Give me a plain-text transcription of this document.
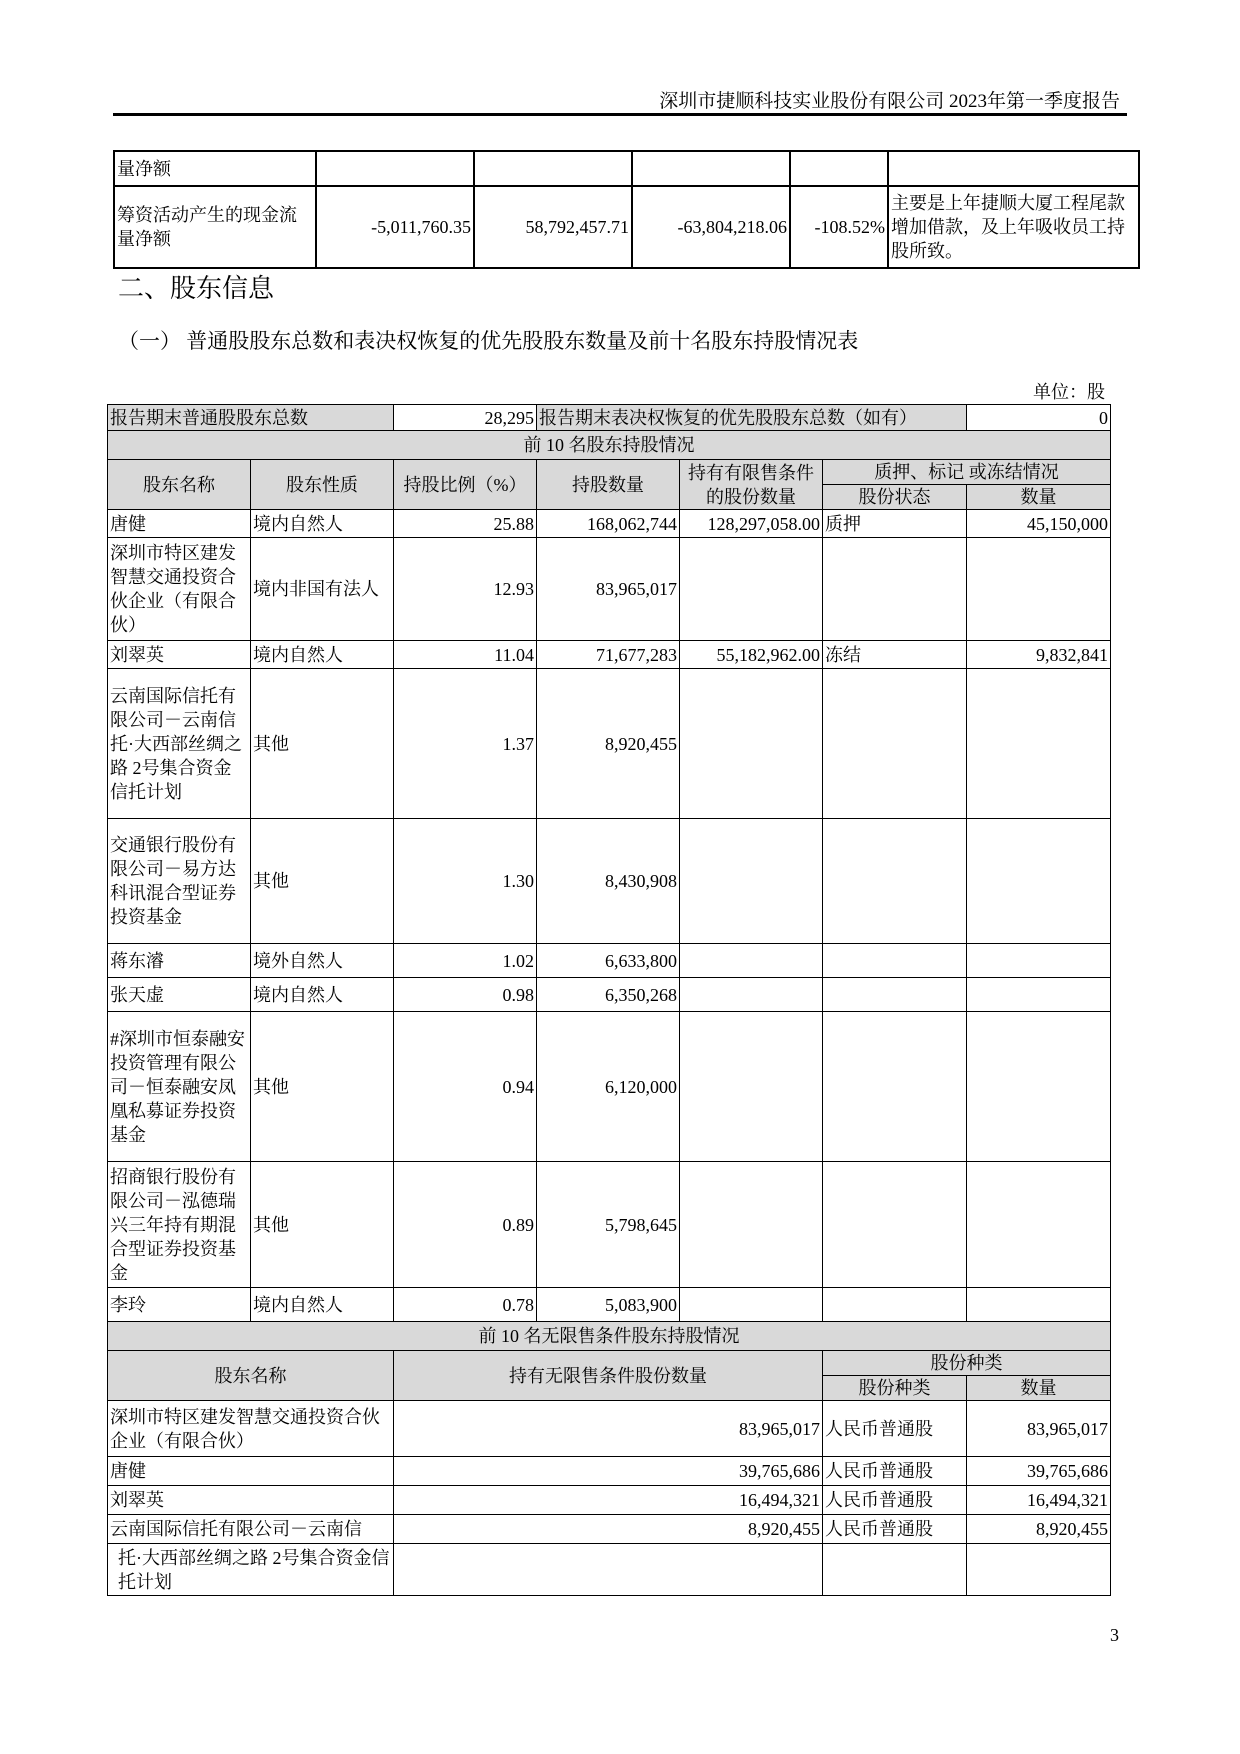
深圳市捷顺科技实业股份有限公司 2023年第一季度报告
量净额					
筹资活动产生的现金流量净额	-5,011,760.35	58,792,457.71	-63,804,218.06	-108.52%	主要是上年捷顺大厦工程尾款增加借款，及上年吸收员工持股所致。
二、股东信息
（一） 普通股股东总数和表决权恢复的优先股股东数量及前十名股东持股情况表
单位：股
报告期末普通股股东总数		28,295	报告期末表决权恢复的优先股股东总数（如有）			0
前 10 名股东持股情况						
股东名称	股东性质	持股比例（%）	持股数量	持有有限售条件的股份数量	质押、标记 或冻结情况	
					股份状态	数量
唐健	境内自然人	25.88	168,062,744	128,297,058.00	质押	45,150,000
深圳市特区建发智慧交通投资合伙企业（有限合伙）	境内非国有法人	12.93	83,965,017			
刘翠英	境内自然人	11.04	71,677,283	55,182,962.00	冻结	9,832,841
云南国际信托有限公司－云南信托·大西部丝绸之路 2号集合资金信托计划	其他	1.37	8,920,455			
交通银行股份有限公司－易方达科讯混合型证券投资基金	其他	1.30	8,430,908			
蒋东濬	境外自然人	1.02	6,633,800			
张天虚	境内自然人	0.98	6,350,268			
#深圳市恒泰融安投资管理有限公司－恒泰融安凤凰私募证券投资基金	其他	0.94	6,120,000			
招商银行股份有限公司－泓德瑞兴三年持有期混合型证券投资基金	其他	0.89	5,798,645			
李玲	境内自然人	0.78	5,083,900			
前 10 名无限售条件股东持股情况						
股东名称		持有无限售条件股份数量			股份种类	
					股份种类	数量
深圳市特区建发智慧交通投资合伙企业（有限合伙）		83,965,017			人民币普通股	83,965,017
唐健		39,765,686			人民币普通股	39,765,686
刘翠英		16,494,321			人民币普通股	16,494,321
云南国际信托有限公司－云南信		8,920,455			人民币普通股	8,920,455
托·大西部丝绸之路 2号集合资金信托计划						
3
